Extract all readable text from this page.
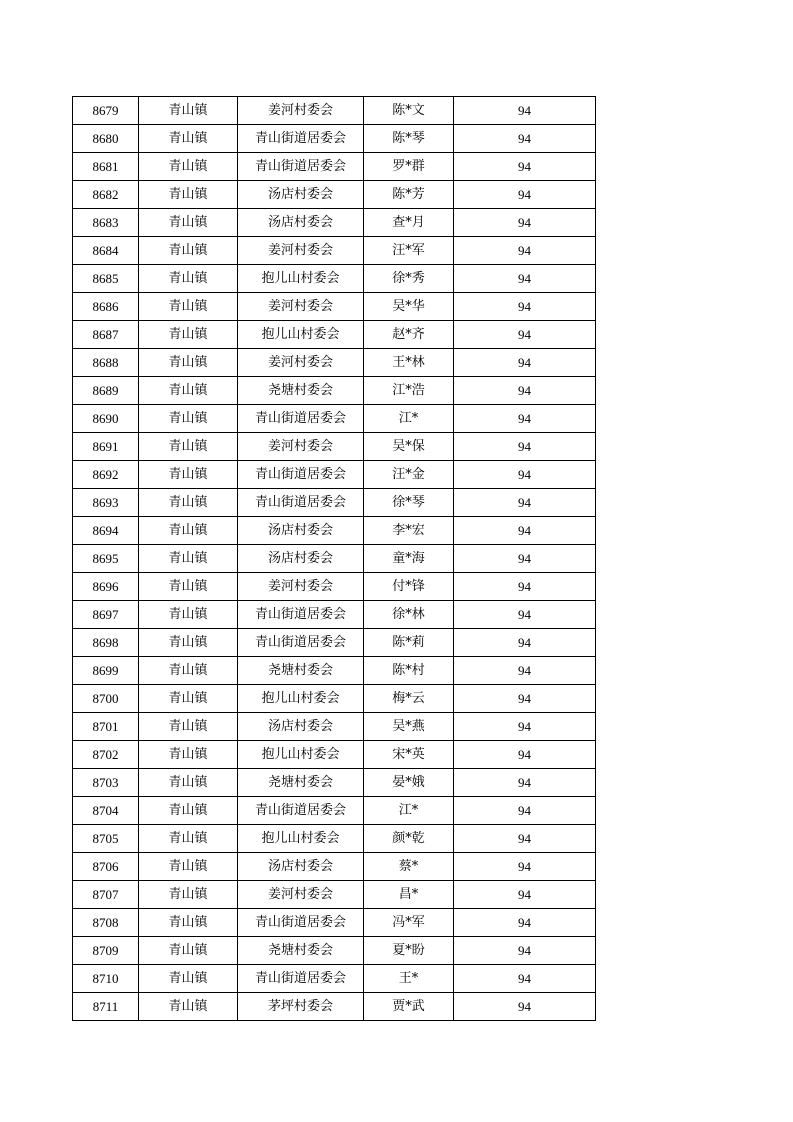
8679	青山镇	姜河村委会	陈*文	94
8680	青山镇	青山街道居委会	陈*琴	94
8681	青山镇	青山街道居委会	罗*群	94
8682	青山镇	汤店村委会	陈*芳	94
8683	青山镇	汤店村委会	查*月	94
8684	青山镇	姜河村委会	汪*军	94
8685	青山镇	抱儿山村委会	徐*秀	94
8686	青山镇	姜河村委会	吴*华	94
8687	青山镇	抱儿山村委会	赵*齐	94
8688	青山镇	姜河村委会	王*林	94
8689	青山镇	尧塘村委会	江*浩	94
8690	青山镇	青山街道居委会	江*	94
8691	青山镇	姜河村委会	吴*保	94
8692	青山镇	青山街道居委会	汪*金	94
8693	青山镇	青山街道居委会	徐*琴	94
8694	青山镇	汤店村委会	李*宏	94
8695	青山镇	汤店村委会	童*海	94
8696	青山镇	姜河村委会	付*锋	94
8697	青山镇	青山街道居委会	徐*林	94
8698	青山镇	青山街道居委会	陈*莉	94
8699	青山镇	尧塘村委会	陈*村	94
8700	青山镇	抱儿山村委会	梅*云	94
8701	青山镇	汤店村委会	吴*燕	94
8702	青山镇	抱儿山村委会	宋*英	94
8703	青山镇	尧塘村委会	晏*娥	94
8704	青山镇	青山街道居委会	江*	94
8705	青山镇	抱儿山村委会	颜*乾	94
8706	青山镇	汤店村委会	蔡*	94
8707	青山镇	姜河村委会	昌*	94
8708	青山镇	青山街道居委会	冯*军	94
8709	青山镇	尧塘村委会	夏*盼	94
8710	青山镇	青山街道居委会	王*	94
8711	青山镇	茅坪村委会	贾*武	94
